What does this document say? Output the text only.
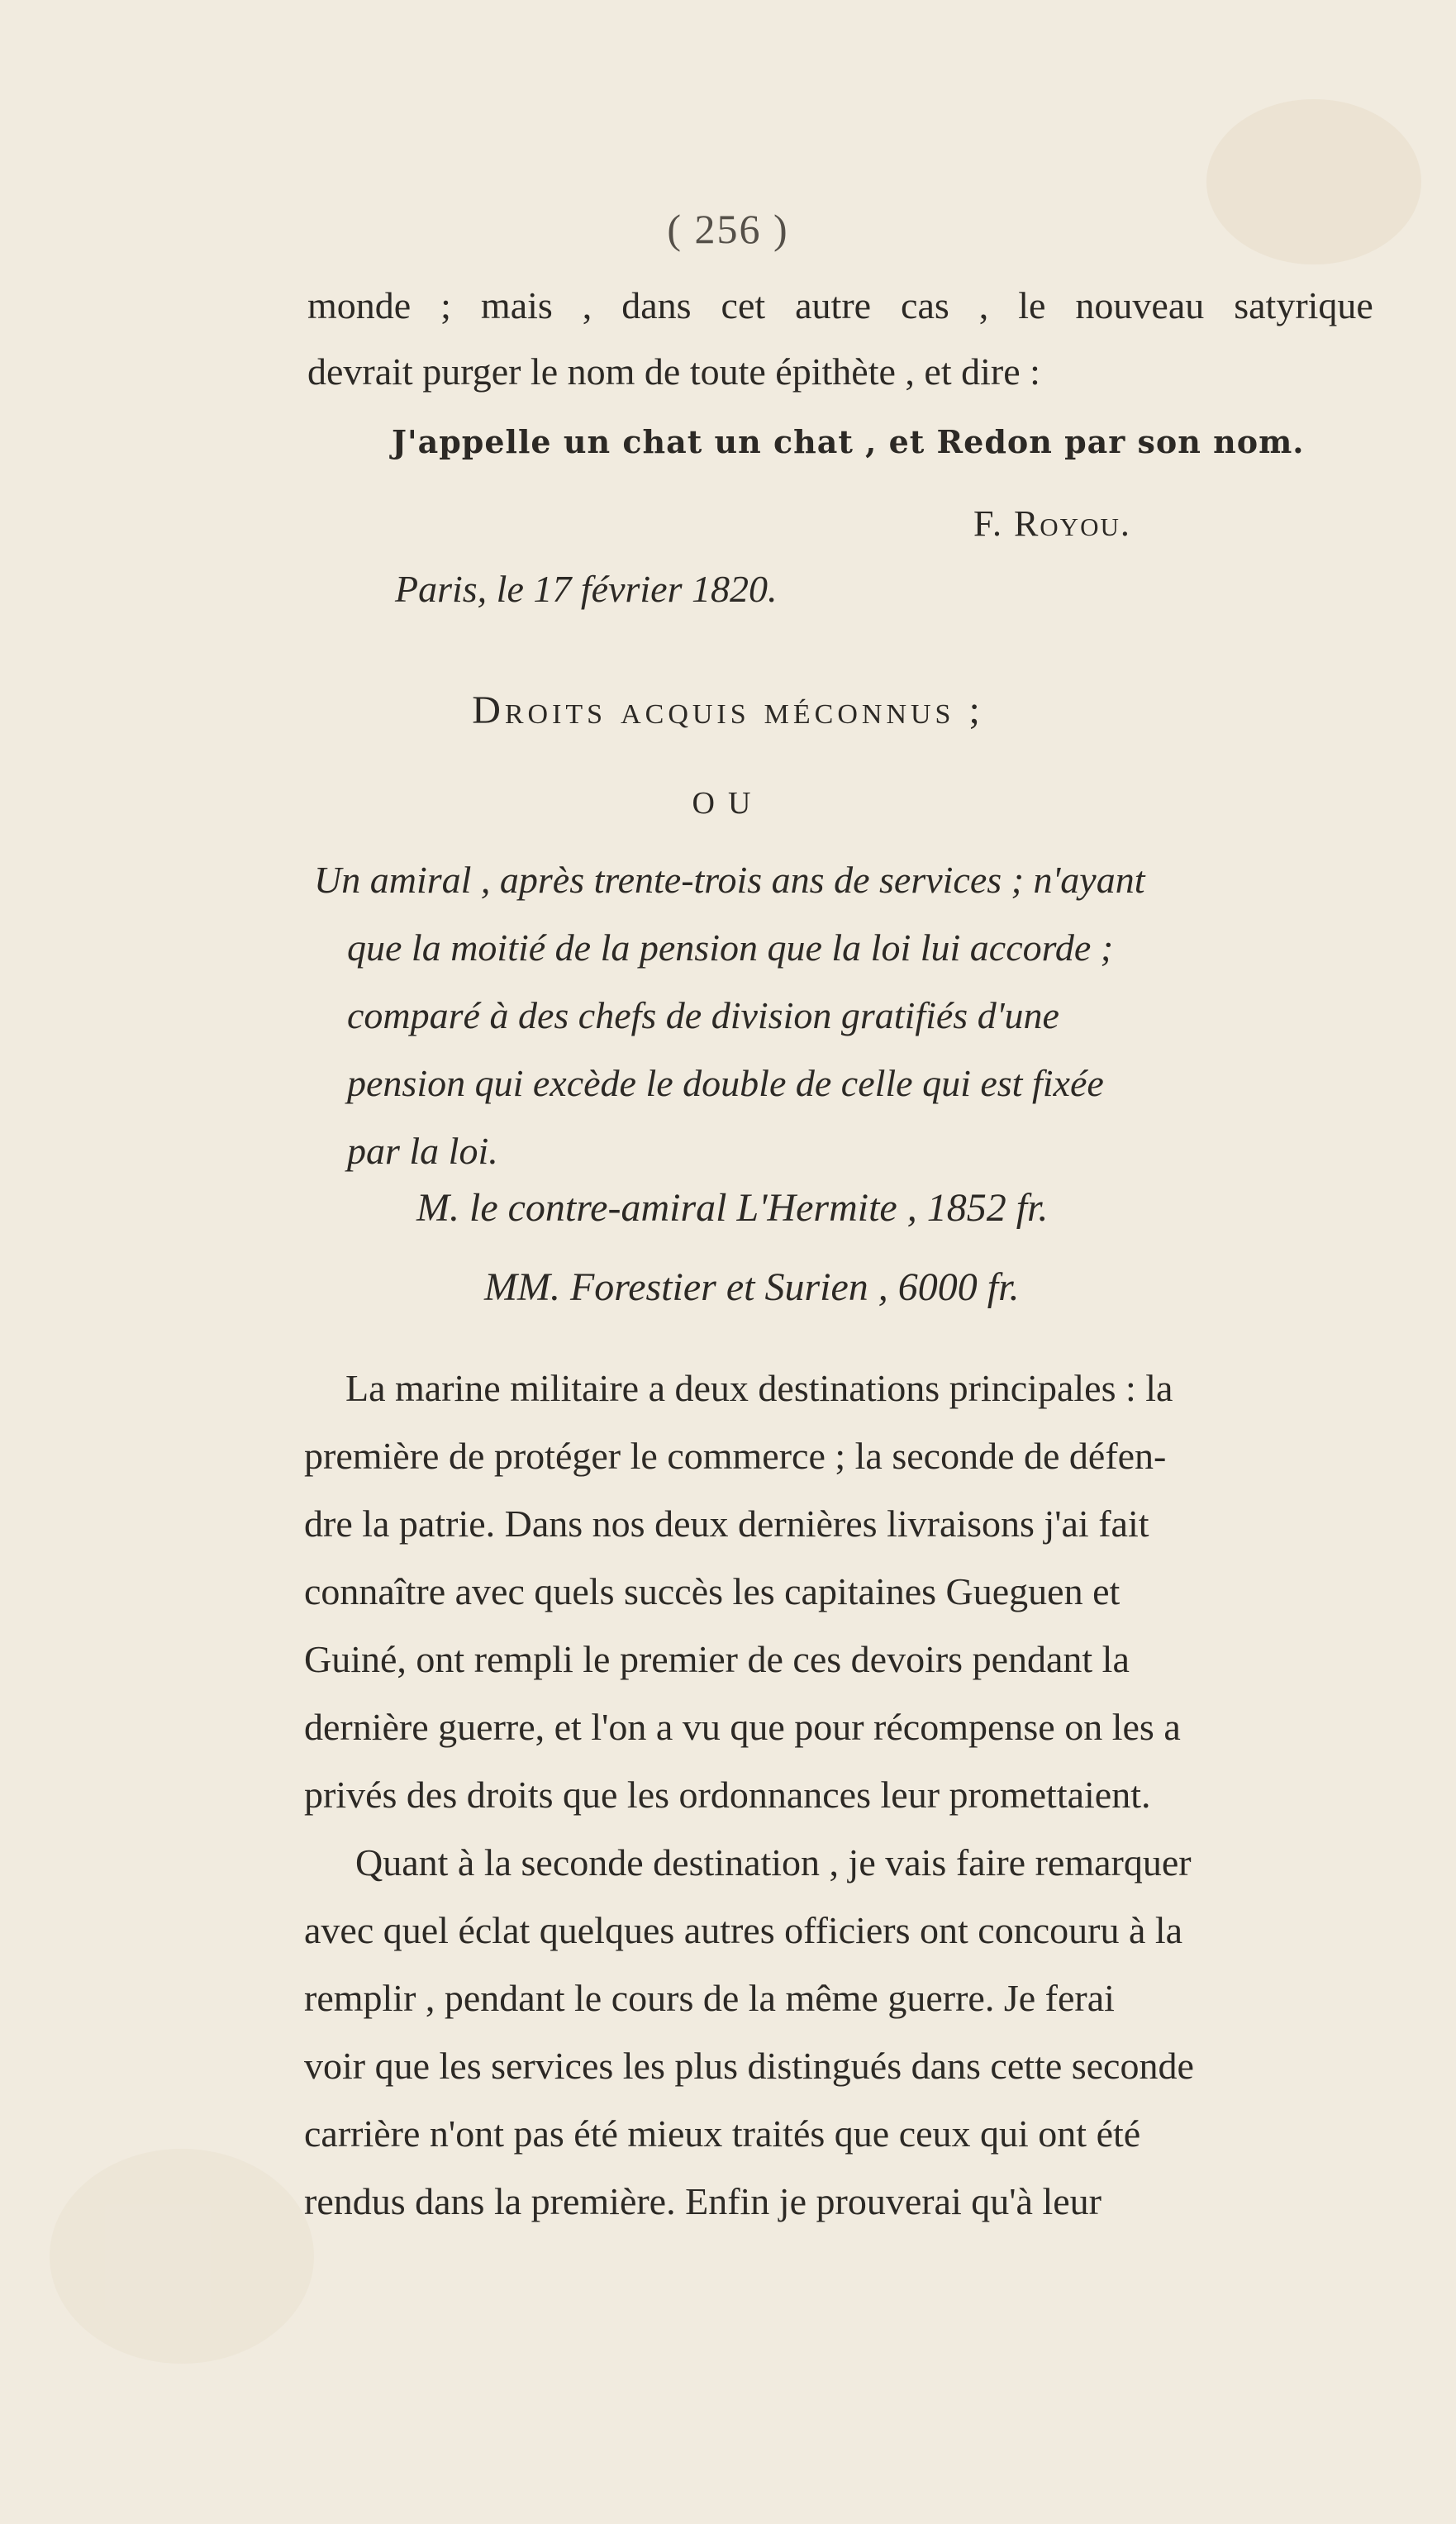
( 256 )
monde ; mais , dans cet autre cas , le nouveau satyrique
devrait purger le nom de toute épithète , et dire :
J'appelle un chat un chat , et Redon par son nom.
F. Royou.
Paris, le 17 février 1820.
Droits acquis méconnus ;
OU
Un amiral , après trente-trois ans de services ; n'ayant
que la moitié de la pension que la loi lui accorde ;
comparé à des chefs de division gratifiés d'une
pension qui excède le double de celle qui est fixée
par la loi.
M. le contre-amiral L'Hermite , 1852 fr.
MM. Forestier et Surien , 6000 fr.
La marine militaire a deux destinations principales : la
première de protéger le commerce ; la seconde de défen-
dre la patrie. Dans nos deux dernières livraisons j'ai fait
connaître avec quels succès les capitaines Gueguen et
Guiné, ont rempli le premier de ces devoirs pendant la
dernière guerre, et l'on a vu que pour récompense on les a
privés des droits que les ordonnances leur promettaient.
Quant à la seconde destination , je vais faire remarquer
avec quel éclat quelques autres officiers ont concouru à la
remplir , pendant le cours de la même guerre. Je ferai
voir que les services les plus distingués dans cette seconde
carrière n'ont pas été mieux traités que ceux qui ont été
rendus dans la première. Enfin je prouverai qu'à leur
